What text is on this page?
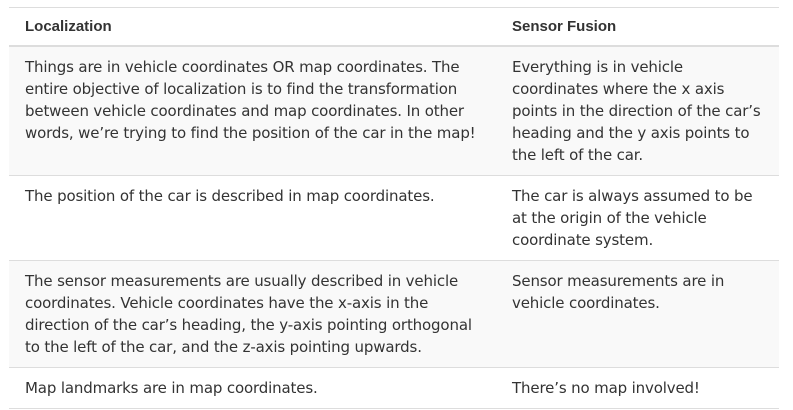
Localization	Sensor Fusion
Things are in vehicle coordinates OR map coordinates. The entire objective of localization is to find the transformation between vehicle coordinates and map coordinates. In other words, we’re trying to find the position of the car in the map!	Everything is in vehicle coordinates where the x axis points in the direction of the car’s heading and the y axis points to the left of the car.
The position of the car is described in map coordinates.	The car is always assumed to be at the origin of the vehicle coordinate system.
The sensor measurements are usually described in vehicle coordinates. Vehicle coordinates have the x-axis in the direction of the car’s heading, the y-axis pointing orthogonal to the left of the car, and the z-axis pointing upwards.	Sensor measurements are in vehicle coordinates.
Map landmarks are in map coordinates.	There’s no map involved!
